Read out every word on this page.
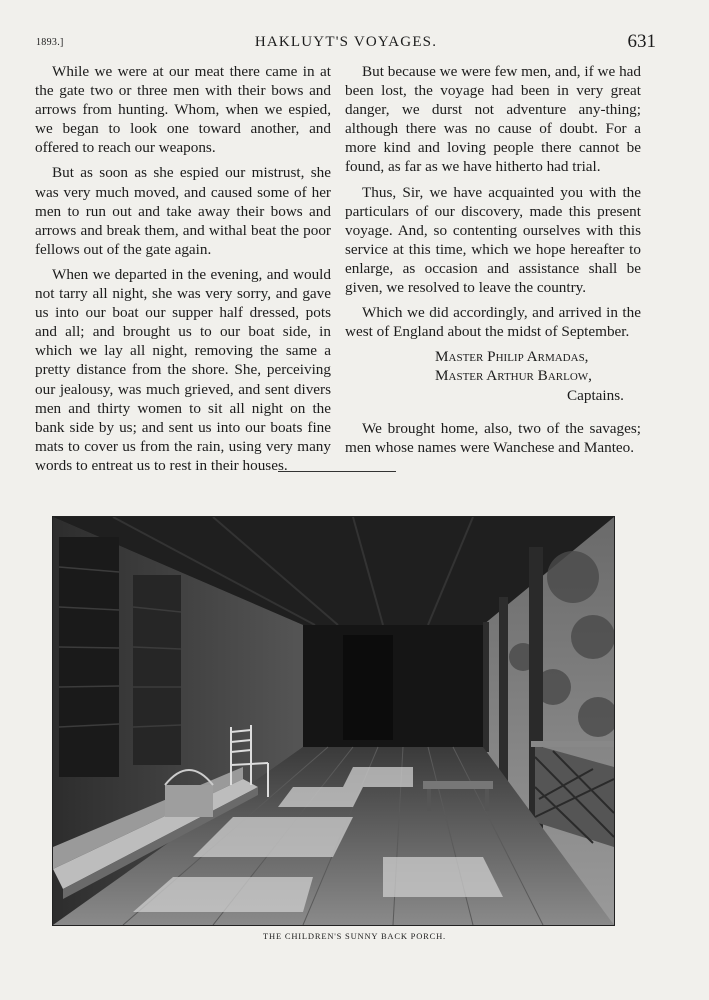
1893.]	HAKLUYT'S VOYAGES.	631

While we were at our meat there came in at the gate two or three men with their bows and arrows from hunting. Whom, when we espied, we began to look one toward another, and offered to reach our weapons.

But as soon as she espied our mistrust, she was very much moved, and caused some of her men to run out and take away their bows and arrows and break them, and withal beat the poor fellows out of the gate again.

When we departed in the evening, and would not tarry all night, she was very sorry, and gave us into our boat our supper half dressed, pots and all; and brought us to our boat side, in which we lay all night, removing the same a pretty distance from the shore. She, perceiving our jealousy, was much grieved, and sent divers men and thirty women to sit all night on the bank side by us; and sent us into our boats fine mats to cover us from the rain, using very many words to entreat us to rest in their houses.

But because we were few men, and, if we had been lost, the voyage had been in very great danger, we durst not adventure any-thing; although there was no cause of doubt. For a more kind and loving people there cannot be found, as far as we have hitherto had trial.

Thus, Sir, we have acquainted you with the particulars of our discovery, made this present voyage. And, so contenting ourselves with this service at this time, which we hope hereafter to enlarge, as occasion and assistance shall be given, we resolved to leave the country.

Which we did accordingly, and arrived in the west of England about the midst of September.

Master Philip Armadas,
Master Arthur Barlow,
Captains.

We brought home, also, two of the savages; men whose names were Wanchese and Manteo.

THE CHILDREN'S SUNNY BACK PORCH.
